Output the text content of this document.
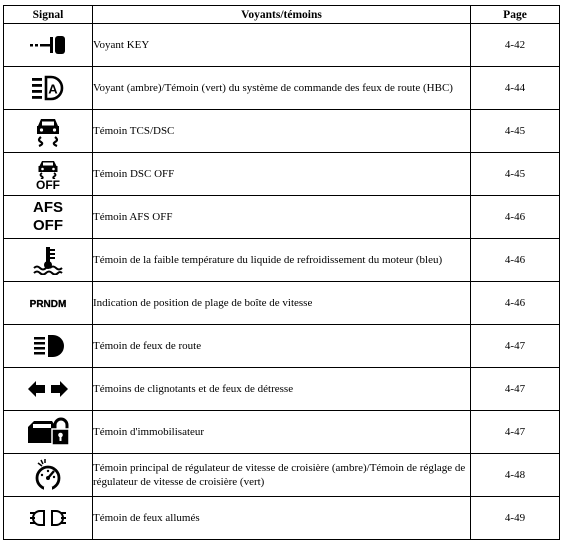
Signal	Voyants/témoins	Page

	Voyant KEY	4-42

A	Voyant (ambre)/Témoin (vert) du système de commande des feux de route (HBC)	4-44

	Témoin TCS/DSC	4-45

OFF	Témoin DSC OFF	4-45
AFS
OFF	Témoin AFS OFF	4-46

	Témoin de la faible température du liquide de refroidissement du moteur (bleu)	4-46
PRNDM	Indication de position de plage de boîte de vitesse	4-46

	Témoin de feux de route	4-47

	Témoins de clignotants et de feux de détresse	4-47

	Témoin d'immobilisateur	4-47

	Témoin principal de régulateur de vitesse de croisière (ambre)/Témoin de réglage de régulateur de vitesse de croisière (vert)	4-48

	Témoin de feux allumés	4-49
